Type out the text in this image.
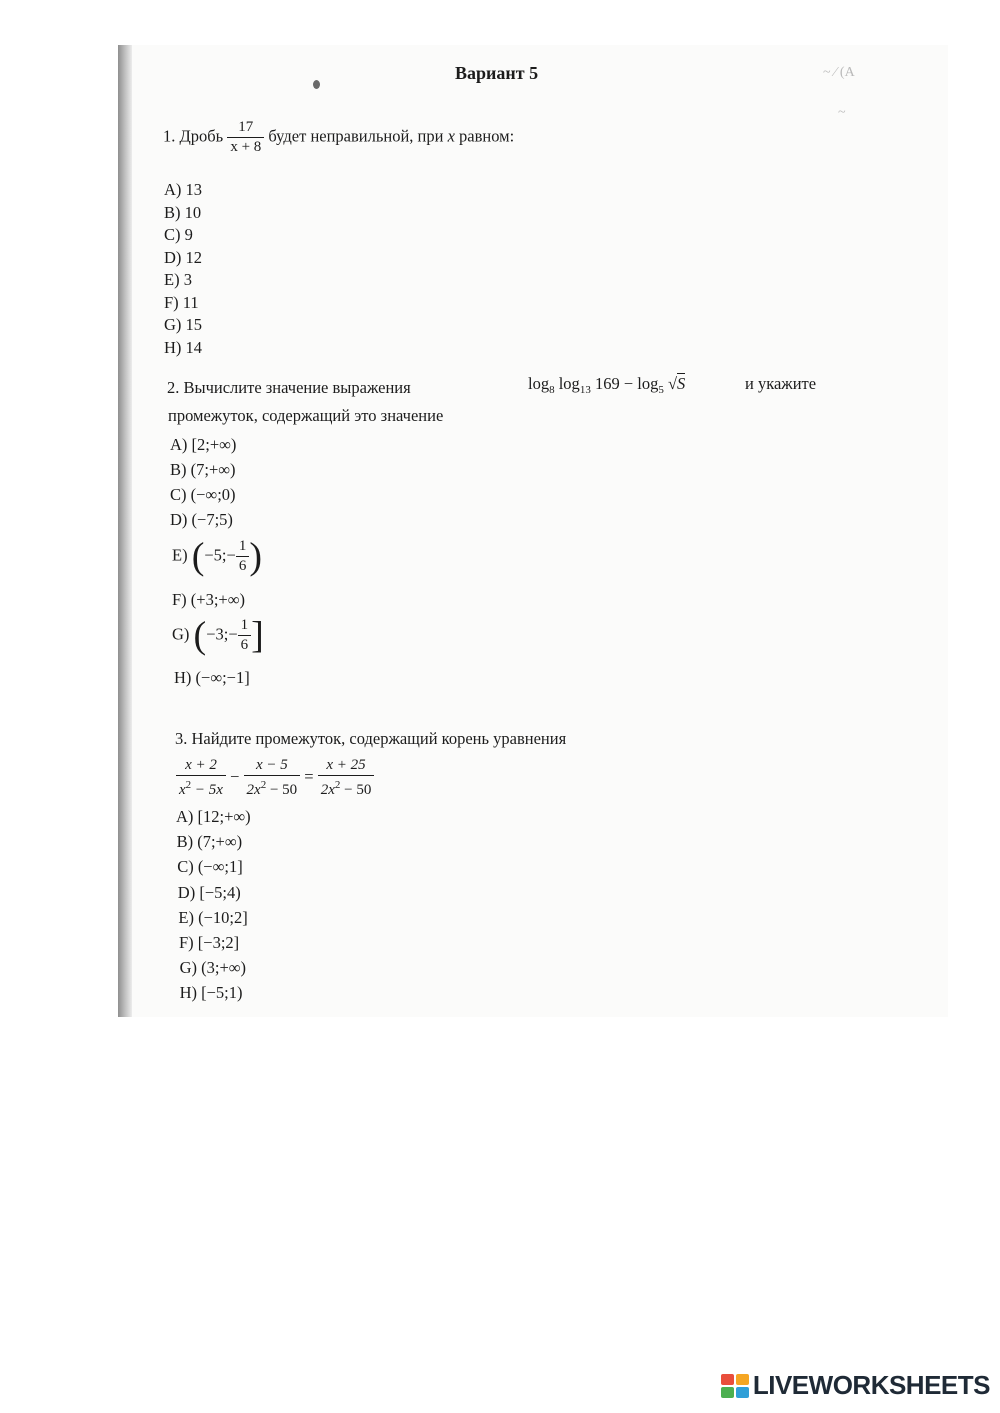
~ ⁄ (A
~
Вариант 5
1. Дробь $\frac{17}{x + 8}$ будет неправильной, при x равном:
A) 13
B) 10
C) 9
D) 12
E) 3
F) 11
G) 15
H) 14
2. Вычислите значение выражения	$\log_8 \log_{13} 169 - \log_5 √S$	и укажите
промежуток, содержащий это значение
A) [2;+∞)
B) (7;+∞)
C) (−∞;0)
D) (−7;5)
E) (−5;− $\frac{1}{6}$ )
F) (+3;+∞)
G) (−3;− $\frac{1}{6}$ ]
H) (−∞;−1]
3. Найдите промежуток, содержащий корень уравнения
$\frac{x + 2}{x^2 - 5x} - \frac{x - 5}{2x^2 - 50} = \frac{x + 25}{2x^2 - 50}$
A) [12;+∞)
B) (7;+∞)
C) (−∞;1]
D) [−5;4)
E) (−10;2]
F) [−3;2]
G) (3;+∞)
H) [−5;1)
LIVEWORKSHEETS
